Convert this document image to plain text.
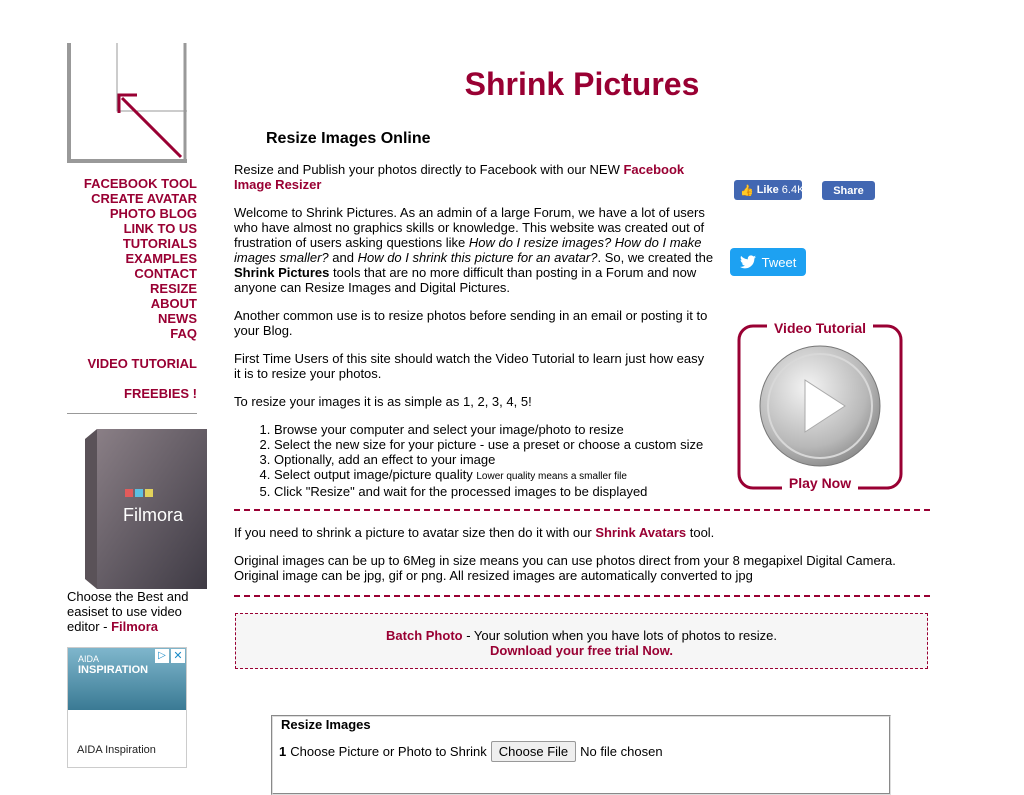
FACEBOOK TOOL
CREATE AVATAR
PHOTO BLOG
LINK TO US
TUTORIALS
EXAMPLES
CONTACT
RESIZE
ABOUT
NEWS
FAQ
VIDEO TUTORIAL
FREEBIES !
Filmora
Choose the Best and easiset to use video editor - Filmora
AIDA
INSPIRATION
▷ ✕
AIDA Inspiration
Shrink Pictures
Resize Images Online

Resize and Publish your photos directly to Facebook with our NEW Facebook Image Resizer

Welcome to Shrink Pictures. As an admin of a large Forum, we have a lot of users who have almost no graphics skills or knowledge. This website was created out of frustration of users asking questions like How do I resize images? How do I make images smaller? and How do I shrink this picture for an avatar?. So, we created the Shrink Pictures tools that are no more difficult than posting in a Forum and now anyone can Resize Images and Digital Pictures.

Another common use is to resize photos before sending in an email or posting it to your Blog.

First Time Users of this site should watch the Video Tutorial to learn just how easy it is to resize your photos.

To resize your images it is as simple as 1, 2, 3, 4, 5!

1. Browse your computer and select your image/photo to resize
2. Select the new size for your picture - use a preset or choose a custom size
3. Optionally, add an effect to your image
4. Select output image/picture quality Lower quality means a smaller file
5. Click "Resize" and wait for the processed images to be displayed
👍 Like
6.4K	Share
Tweet
Video Tutorial
Play Now
If you need to shrink a picture to avatar size then do it with our Shrink Avatars tool.
Original images can be up to 6Meg in size means you can use photos direct from your 8 megapixel Digital Camera.
Original image can be jpg, gif or png. All resized images are automatically converted to jpg
Batch Photo - Your solution when you have lots of photos to resize.
Download your free trial Now.
Resize Images
1 Choose Picture or Photo to Shrink Choose File No file chosen
